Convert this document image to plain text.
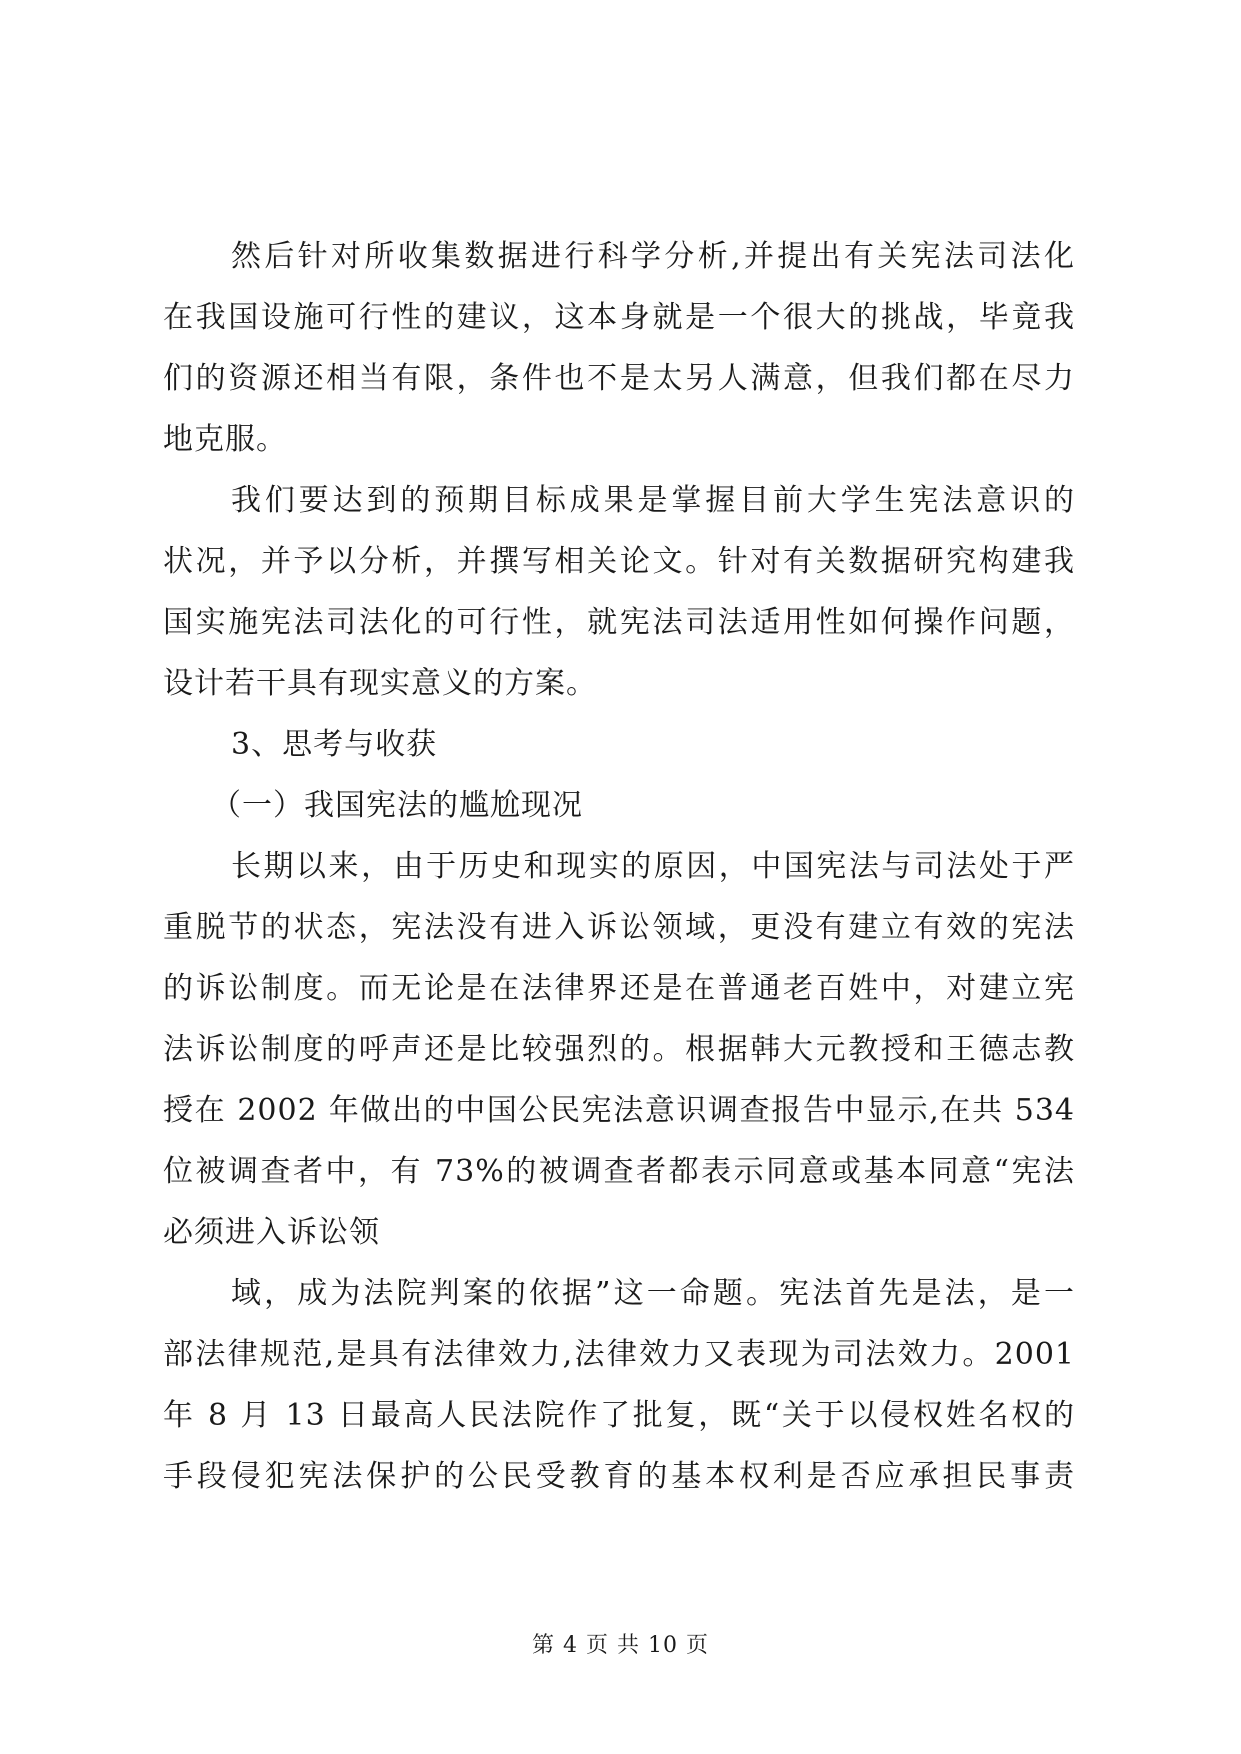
然后针对所收集数据进行科学分析,并提出有关宪法司法化
在我国设施可行性的建议，这本身就是一个很大的挑战，毕竟我
们的资源还相当有限，条件也不是太另人满意，但我们都在尽力
地克服。
我们要达到的预期目标成果是掌握目前大学生宪法意识的
状况，并予以分析，并撰写相关论文。针对有关数据研究构建我
国实施宪法司法化的可行性，就宪法司法适用性如何操作问题，
设计若干具有现实意义的方案。
3、思考与收获
（一）我国宪法的尴尬现况
长期以来，由于历史和现实的原因，中国宪法与司法处于严
重脱节的状态，宪法没有进入诉讼领域，更没有建立有效的宪法
的诉讼制度。而无论是在法律界还是在普通老百姓中，对建立宪
法诉讼制度的呼声还是比较强烈的。根据韩大元教授和王德志教
授在 2002 年做出的中国公民宪法意识调查报告中显示,在共 534
位被调查者中，有 73%的被调查者都表示同意或基本同意“宪法
必须进入诉讼领
域，成为法院判案的依据”这一命题。宪法首先是法，是一
部法律规范,是具有法律效力,法律效力又表现为司法效力。2001
年 8 月 13 日最高人民法院作了批复，既“关于以侵权姓名权的
手段侵犯宪法保护的公民受教育的基本权利是否应承担民事责
第 4 页 共 10 页
